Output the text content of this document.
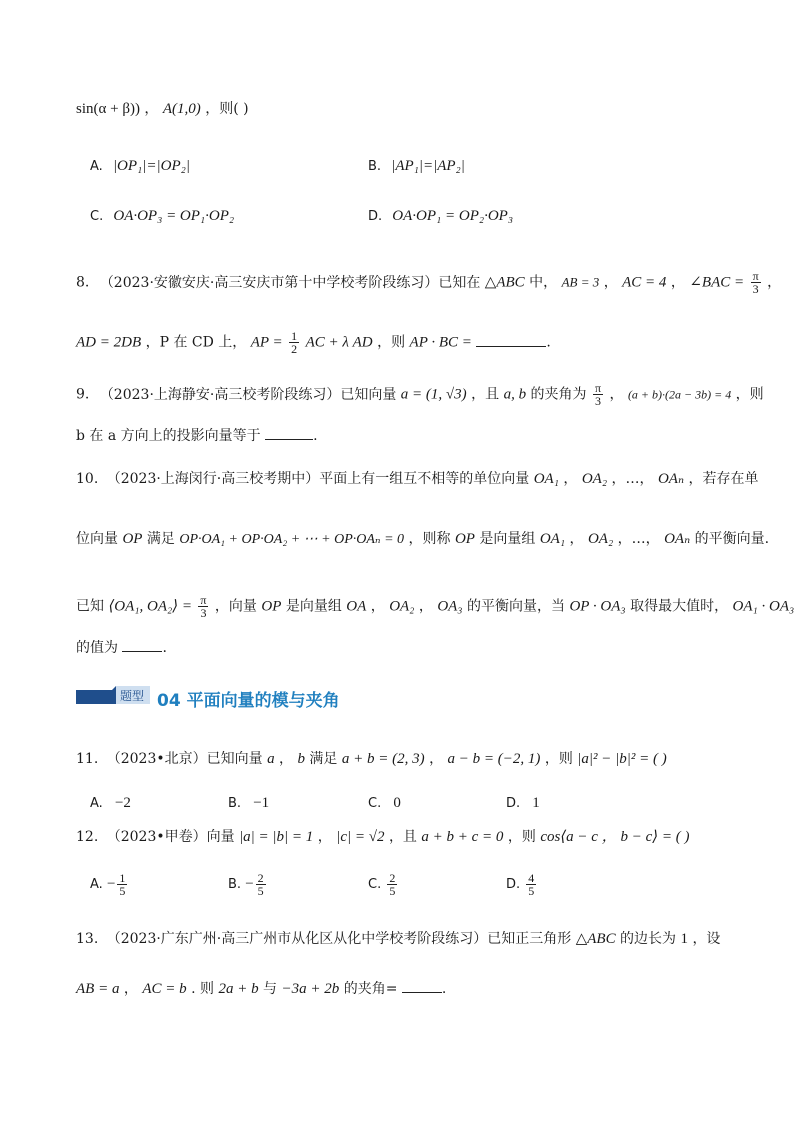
sin(α + β)) ， A(1,0) ，则( )
A. |OP₁|=|OP₂|	B. |AP₁|=|AP₂|
C. OA·OP₃ = OP₁·OP₂	D. OA·OP₁ = OP₂·OP₃
8. （2023·安徽安庆·高三安庆市第十中学校考阶段练习）已知在 △ABC 中， AB = 3 ， AC = 4 ， ∠BAC = $\frac{\pi}{3}$ ，
AD = 2DB ，P 在 CD 上， AP = $\frac{1}{2}$ AC + λ AD ，则 AP · BC =	.
9. （2023·上海静安·高三校考阶段练习）已知向量 a = (1, √3) ，且 a, b 的夹角为 $\frac{\pi}{3}$ ， (a + b)·(2a − 3b) = 4 ，则
b 在 a 方向上的投影向量等于	.
10. （2023·上海闵行·高三校考期中）平面上有一组互不相等的单位向量 OA₁ ， OA₂ ，…， OAₙ ，若存在单
位向量 OP 满足 OP·OA₁ + OP·OA₂ + ⋯ + OP·OAₙ = 0 ，则称 OP 是向量组 OA₁ ， OA₂ ，…， OAₙ 的平衡向量.
已知 ⟨OA₁, OA₂⟩ = $\frac{\pi}{3}$ ，向量 OP 是向量组 OA ， OA₂ ， OA₃ 的平衡向量，当 OP · OA₃ 取得最大值时， OA₁ · OA₃
的值为	.
题型 04 平面向量的模与夹角
11. （2023•北京）已知向量 a ， b 满足 a + b = (2, 3) ， a − b = (−2, 1) ，则 |a|² − |b|² = ( )
A. −2	B. −1	C. 0	D. 1
12. （2023•甲卷）向量 |a| = |b| = 1 ， |c| = √2 ，且 a + b + c = 0 ，则 cos⟨a − c ， b − c⟩ = ( )
A. − $\frac{1}{5}$	B. − $\frac{2}{5}$	C. $\frac{2}{5}$	D. $\frac{4}{5}$
13. （2023·广东广州·高三广州市从化区从化中学校考阶段练习）已知正三角形 △ABC 的边长为 1 ，设
AB = a ， AC = b . 则 2a + b 与 −3a + 2b 的夹角=	.
